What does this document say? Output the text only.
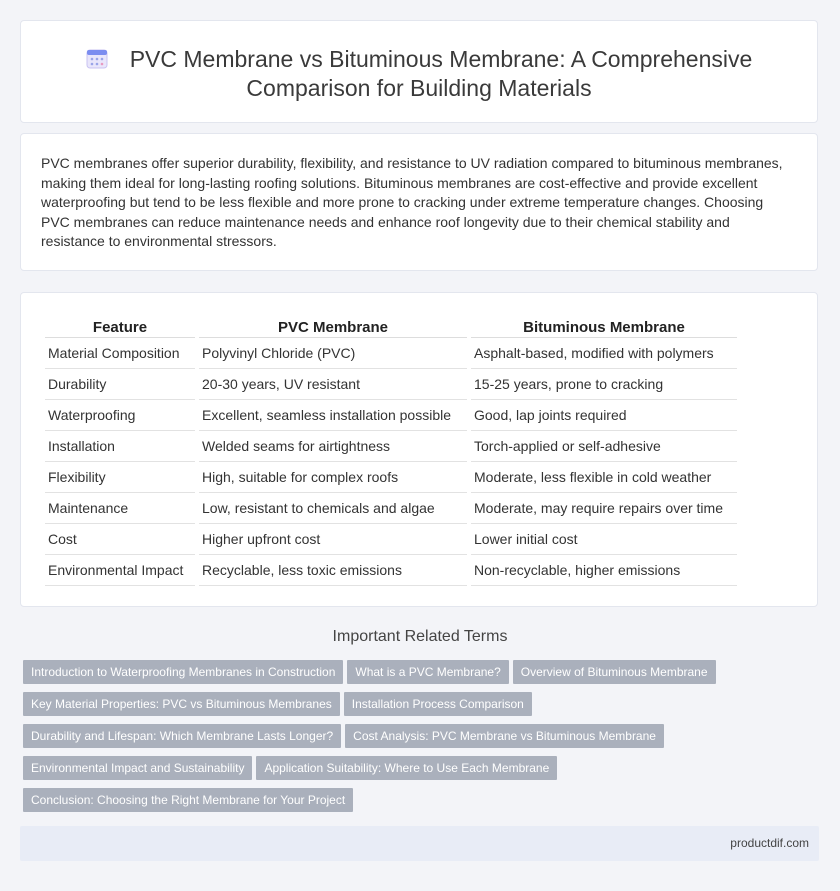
PVC Membrane vs Bituminous Membrane: A Comprehensive
Comparison for Building Materials

PVC membranes offer superior durability, flexibility, and resistance to UV radiation compared to bituminous membranes, making them ideal for long-lasting roofing solutions. Bituminous membranes are cost-effective and provide excellent waterproofing but tend to be less flexible and more prone to cracking under extreme temperature changes. Choosing PVC membranes can reduce maintenance needs and enhance roof longevity due to their chemical stability and resistance to environmental stressors.

Feature	PVC Membrane	Bituminous Membrane
Material Composition	Polyvinyl Chloride (PVC)	Asphalt-based, modified with polymers
Durability	20-30 years, UV resistant	15-25 years, prone to cracking
Waterproofing	Excellent, seamless installation possible	Good, lap joints required
Installation	Welded seams for airtightness	Torch-applied or self-adhesive
Flexibility	High, suitable for complex roofs	Moderate, less flexible in cold weather
Maintenance	Low, resistant to chemicals and algae	Moderate, may require repairs over time
Cost	Higher upfront cost	Lower initial cost
Environmental Impact	Recyclable, less toxic emissions	Non-recyclable, higher emissions
Important Related Terms
Introduction to Waterproofing Membranes in Construction What is a PVC Membrane? Overview of Bituminous Membrane
Key Material Properties: PVC vs Bituminous Membranes Installation Process Comparison
Durability and Lifespan: Which Membrane Lasts Longer? Cost Analysis: PVC Membrane vs Bituminous Membrane
Environmental Impact and Sustainability Application Suitability: Where to Use Each Membrane
Conclusion: Choosing the Right Membrane for Your Project
productdif.com
